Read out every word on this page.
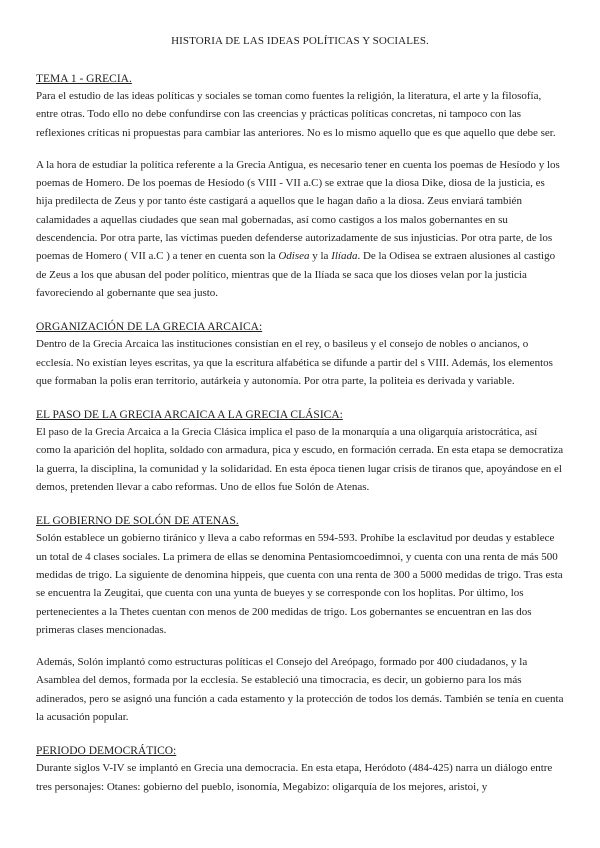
HISTORIA DE LAS IDEAS POLÍTICAS Y SOCIALES.
TEMA 1 - GRECIA.

Para el estudio de las ideas políticas y sociales se toman como fuentes la religión, la literatura, el arte y la filosofía, entre otras. Todo ello no debe confundirse con las creencias y prácticas políticas concretas, ni tampoco con las reflexiones críticas ni propuestas para cambiar las anteriores. No es lo mismo aquello que es que aquello que debe ser.

A la hora de estudiar la política referente a la Grecia Antigua, es necesario tener en cuenta los poemas de Hesíodo y los poemas de Homero. De los poemas de Hesíodo (s VIII - VII a.C) se extrae que la diosa Dike, diosa de la justicia, es hija predilecta de Zeus y por tanto éste castigará a aquellos que le hagan daño a la diosa. Zeus enviará también calamidades a aquellas ciudades que sean mal gobernadas, así como castigos a los malos gobernantes en su descendencia. Por otra parte, las víctimas pueden defenderse autorizadamente de sus injusticias. Por otra parte, de los poemas de Homero ( VII a.C ) a tener en cuenta son la Odisea y la Ilíada. De la Odisea se extraen alusiones al castigo de Zeus a los que abusan del poder político, mientras que de la Ilíada se saca que los dioses velan por la justicia favoreciendo al gobernante que sea justo.

ORGANIZACIÓN DE LA GRECIA ARCAICA:

Dentro de la Grecia Arcaica las instituciones consistían en el rey, o basileus y el consejo de nobles o ancianos, o ecclesía. No existían leyes escritas, ya que la escritura alfabética se difunde a partir del s VIII. Además, los elementos que formaban la polis eran territorio, autárkeia y autonomía. Por otra parte, la politeia es derivada y variable.

EL PASO DE LA GRECIA ARCAICA A LA GRECIA CLÁSICA:

El paso de la Grecia Arcaica a la Grecia Clásica implica el paso de la monarquía a una oligarquía aristocrática, así como la aparición del hoplita, soldado con armadura, pica y escudo, en formación cerrada. En esta etapa se democratiza la guerra, la disciplina, la comunidad y la solidaridad. En esta época tienen lugar crisis de tiranos que, apoyándose en el demos, pretenden llevar a cabo reformas. Uno de ellos fue Solón de Atenas.

EL GOBIERNO DE SOLÓN DE ATENAS.

Solón establece un gobierno tiránico y lleva a cabo reformas en 594-593. Prohíbe la esclavitud por deudas y establece un total de 4 clases sociales. La primera de ellas se denomina Pentasiomcoedimnoi, y cuenta con una renta de más 500 medidas de trigo. La siguiente de denomina hippeis, que cuenta con una renta de 300 a 5000 medidas de trigo. Tras esta se encuentra la Zeugitai, que cuenta con una yunta de bueyes y se corresponde con los hoplitas. Por último, los pertenecientes a la Thetes cuentan con menos de 200 medidas de trigo. Los gobernantes se encuentran en las dos primeras clases mencionadas.

Además, Solón implantó como estructuras políticas el Consejo del Areópago, formado por 400 ciudadanos, y la Asamblea del demos, formada por la ecclesía. Se estableció una timocracia, es decir, un gobierno para los más adinerados, pero se asignó una función a cada estamento y la protección de todos los demás. También se tenía en cuenta la acusación popular.

PERIODO DEMOCRÁTICO:

Durante siglos V-IV se implantó en Grecia una democracia. En esta etapa, Heródoto (484-425) narra un diálogo entre tres personajes: Otanes: gobierno del pueblo, isonomía, Megabizo: oligarquía de los mejores, aristoi, y
